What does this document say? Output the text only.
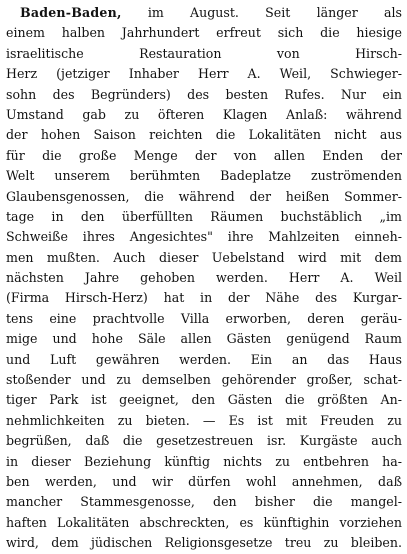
Baden-Baden, im August. Seit länger als
einem halben Jahrhundert erfreut sich die hiesige
israelitische Restauration von Hirsch-
Herz (jetziger Inhaber Herr A. Weil, Schwieger-
sohn des Begründers) des besten Rufes. Nur ein
Umstand gab zu öfteren Klagen Anlaß: während
der hohen Saison reichten die Lokalitäten nicht aus
für die große Menge der von allen Enden der
Welt unserem berühmten Badeplatze zuströmenden
Glaubensgenossen, die während der heißen Sommer-
tage in den überfüllten Räumen buchstäblich „im
Schweiße ihres Angesichtes" ihre Mahlzeiten einneh-
men mußten. Auch dieser Uebelstand wird mit dem
nächsten Jahre gehoben werden. Herr A. Weil
(Firma Hirsch-Herz) hat in der Nähe des Kurgar-
tens eine prachtvolle Villa erworben, deren geräu-
mige und hohe Säle allen Gästen genügend Raum
und Luft gewähren werden. Ein an das Haus
stoßender und zu demselben gehörender großer, schat-
tiger Park ist geeignet, den Gästen die größten An-
nehmlichkeiten zu bieten. — Es ist mit Freuden zu
begrüßen, daß die gesetzestreuen isr. Kurgäste auch
in dieser Beziehung künftig nichts zu entbehren ha-
ben werden, und wir dürfen wohl annehmen, daß
mancher Stammesgenosse, den bisher die mangel-
haften Lokalitäten abschreckten, es künftighin vorziehen
wird, dem jüdischen Religionsgesetze treu zu bleiben.
